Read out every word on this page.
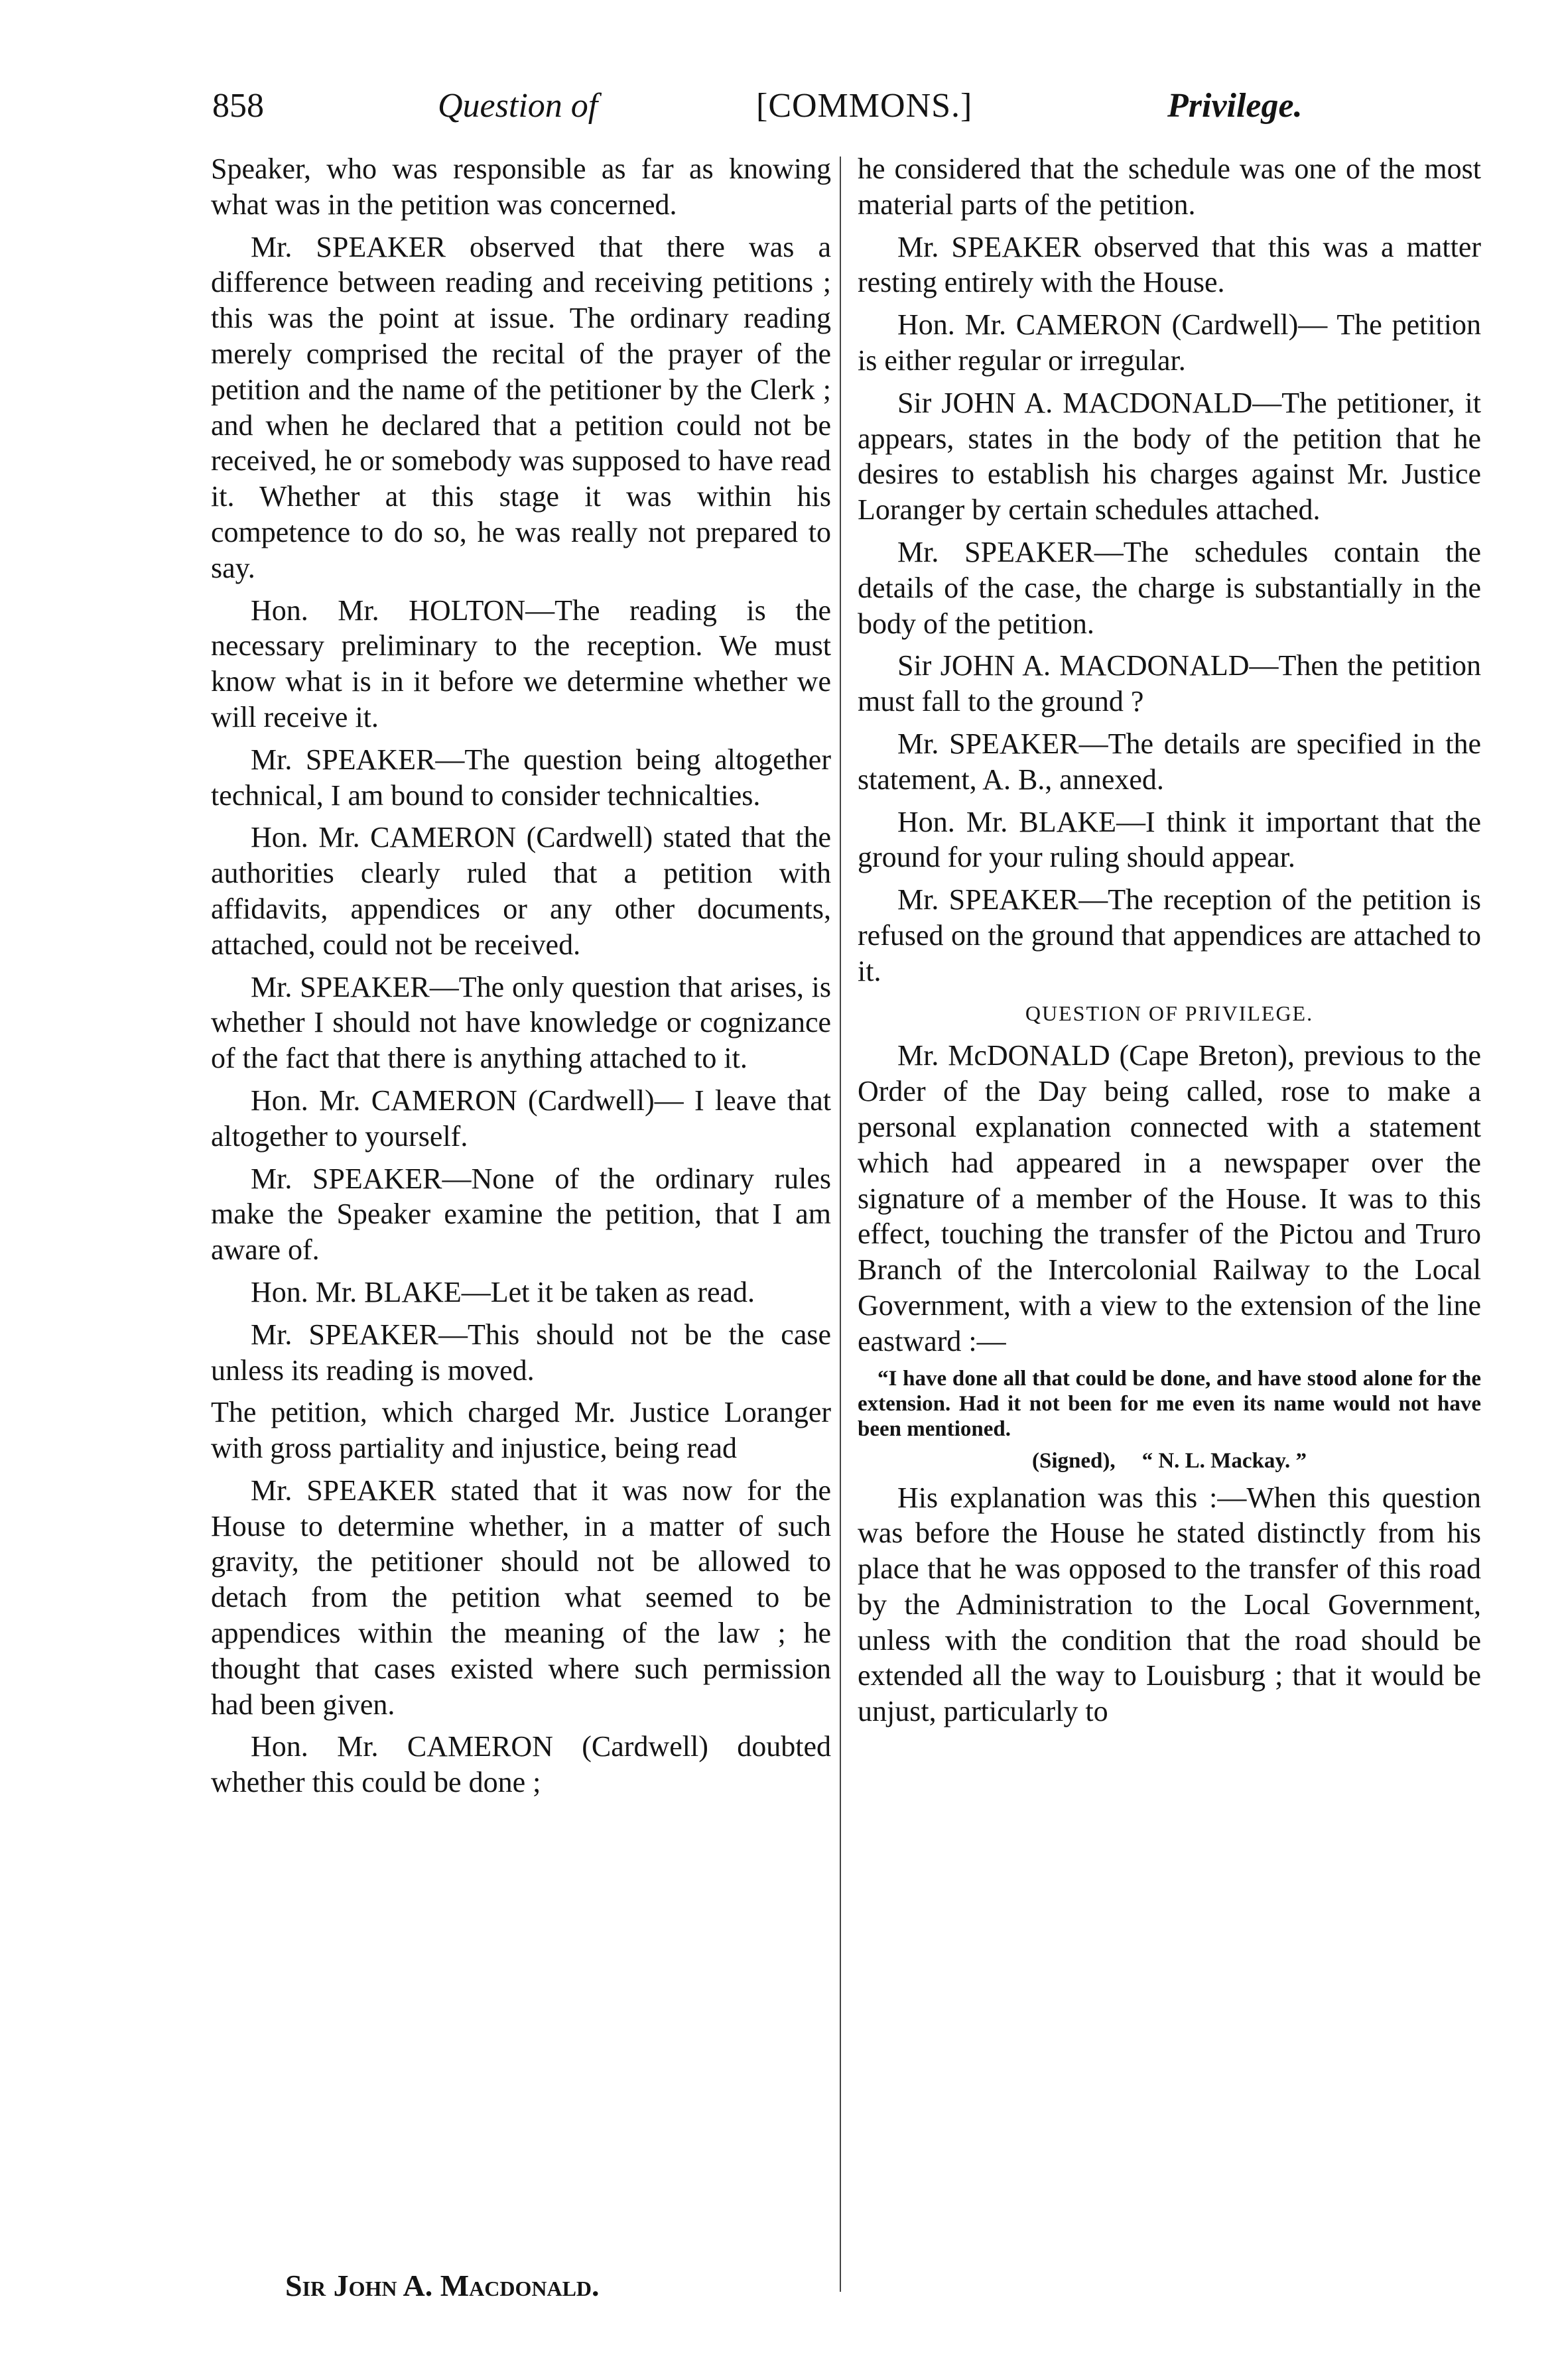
858	Question of	[COMMONS.]	Privilege.

Speaker, who was responsible as far as knowing what was in the petition was concerned.

Mr. SPEAKER observed that there was a difference between reading and receiving petitions ; this was the point at issue. The ordinary reading merely comprised the recital of the prayer of the petition and the name of the petitioner by the Clerk ; and when he declared that a petition could not be received, he or somebody was supposed to have read it. Whether at this stage it was within his competence to do so, he was really not prepared to say.

Hon. Mr. HOLTON—The reading is the necessary preliminary to the reception. We must know what is in it before we determine whether we will receive it.

Mr. SPEAKER—The question being altogether technical, I am bound to consider technicalties.

Hon. Mr. CAMERON (Cardwell) stated that the authorities clearly ruled that a petition with affidavits, appendices or any other documents, attached, could not be received.

Mr. SPEAKER—The only question that arises, is whether I should not have knowledge or cognizance of the fact that there is anything attached to it.

Hon. Mr. CAMERON (Cardwell)— I leave that altogether to yourself.

Mr. SPEAKER—None of the ordinary rules make the Speaker examine the petition, that I am aware of.

Hon. Mr. BLAKE—Let it be taken as read.

Mr. SPEAKER—This should not be the case unless its reading is moved.

The petition, which charged Mr. Justice Loranger with gross partiality and injustice, being read

Mr. SPEAKER stated that it was now for the House to determine whether, in a matter of such gravity, the petitioner should not be allowed to detach from the petition what seemed to be appendices within the meaning of the law ; he thought that cases existed where such permission had been given.

Hon. Mr. CAMERON (Cardwell) doubted whether this could be done ;

he considered that the schedule was one of the most material parts of the petition.

Mr. SPEAKER observed that this was a matter resting entirely with the House.

Hon. Mr. CAMERON (Cardwell)— The petition is either regular or irregular.

Sir JOHN A. MACDONALD—The petitioner, it appears, states in the body of the petition that he desires to establish his charges against Mr. Justice Loranger by certain schedules attached.

Mr. SPEAKER—The schedules contain the details of the case, the charge is substantially in the body of the petition.

Sir JOHN A. MACDONALD—Then the petition must fall to the ground ?

Mr. SPEAKER—The details are specified in the statement, A. B., annexed.

Hon. Mr. BLAKE—I think it important that the ground for your ruling should appear.

Mr. SPEAKER—The reception of the petition is refused on the ground that appendices are attached to it.

QUESTION OF PRIVILEGE.

Mr. McDONALD (Cape Breton), previous to the Order of the Day being called, rose to make a personal explanation connected with a statement which had appeared in a newspaper over the signature of a member of the House. It was to this effect, touching the transfer of the Pictou and Truro Branch of the Intercolonial Railway to the Local Government, with a view to the extension of the line eastward :—

“I have done all that could be done, and have stood alone for the extension. Had it not been for me even its name would not have been mentioned.

(Signed), “ N. L. Mackay. ”

His explanation was this :—When this question was before the House he stated distinctly from his place that he was opposed to the transfer of this road by the Administration to the Local Government, unless with the condition that the road should be extended all the way to Louisburg ; that it would be unjust, particularly to

Sir John A. Macdonald.
